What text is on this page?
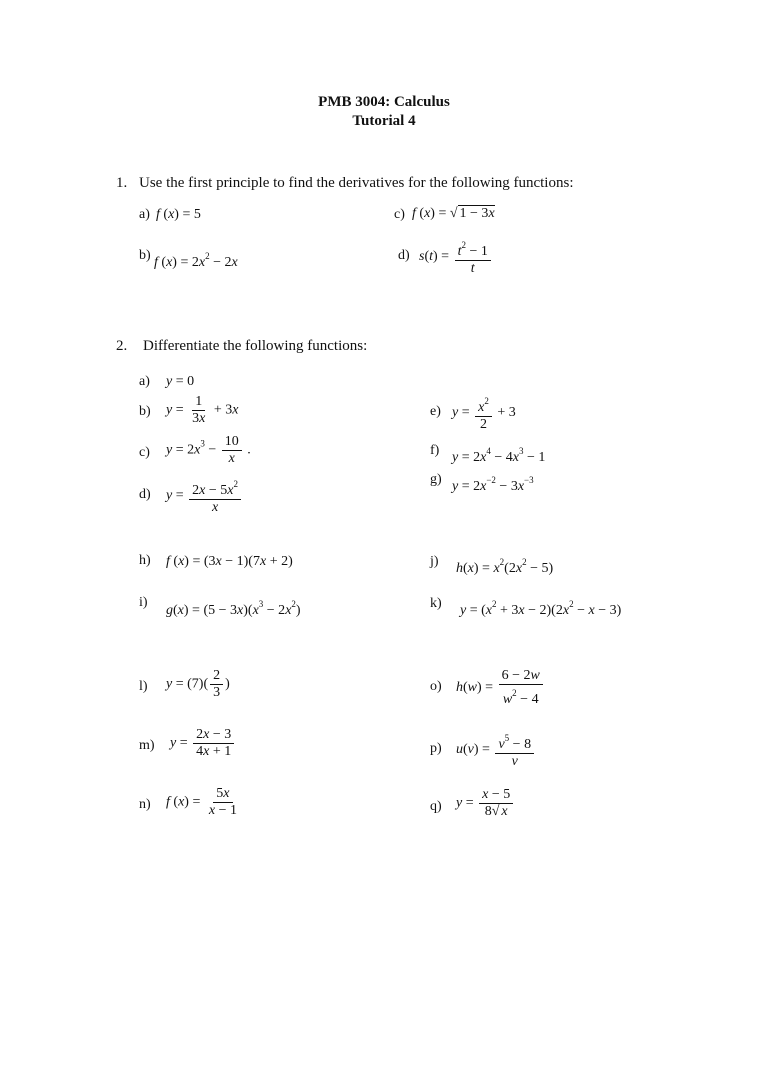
PMB 3004: Calculus
Tutorial 4
1. Use the first principle to find the derivatives for the following functions:
a) f (x) = 5	c) f (x) = √ 1 − 3x
b) f $(x) = 2x^2 - 2x$	d) $s(t) = \frac{t^2 - 1}{t}$
2. Differentiate the following functions:
a) y = 0
b) $y = \frac{1}{3x} + 3x$	e) $y = \frac{x^2}{2} + 3$
c) $y = 2x^3 - \frac{10}{x}$ .	f) $y = 2x^4 - 4x^3 - 1$
g) $y = 2x^{-2} - 3x^{-3}$
d) $y = \frac{2x - 5x^2}{x}$
h) f (x) = (3x − 1)(7x + 2)	j) $h(x) = x^2(2x^2 - 5)$
i)
$g(x) = (5 - 3x)(x^3 - 2x^2)$	k) $y = (x^2 + 3x - 2)(2x^2 - x - 3)$
l) $y = (7)( \frac{2}{3}$ )	o) $h(w) = \frac{6 - 2w}{w^2 - 4}$
m) $y = \frac{2x - 3}{4x + 1}$	p) $u(v) = \frac{v^5 - 8}{v}$
n) f $(x) = \frac{5x}{x - 1}$	q) $y = \frac{x - 5}{8√ x}$
